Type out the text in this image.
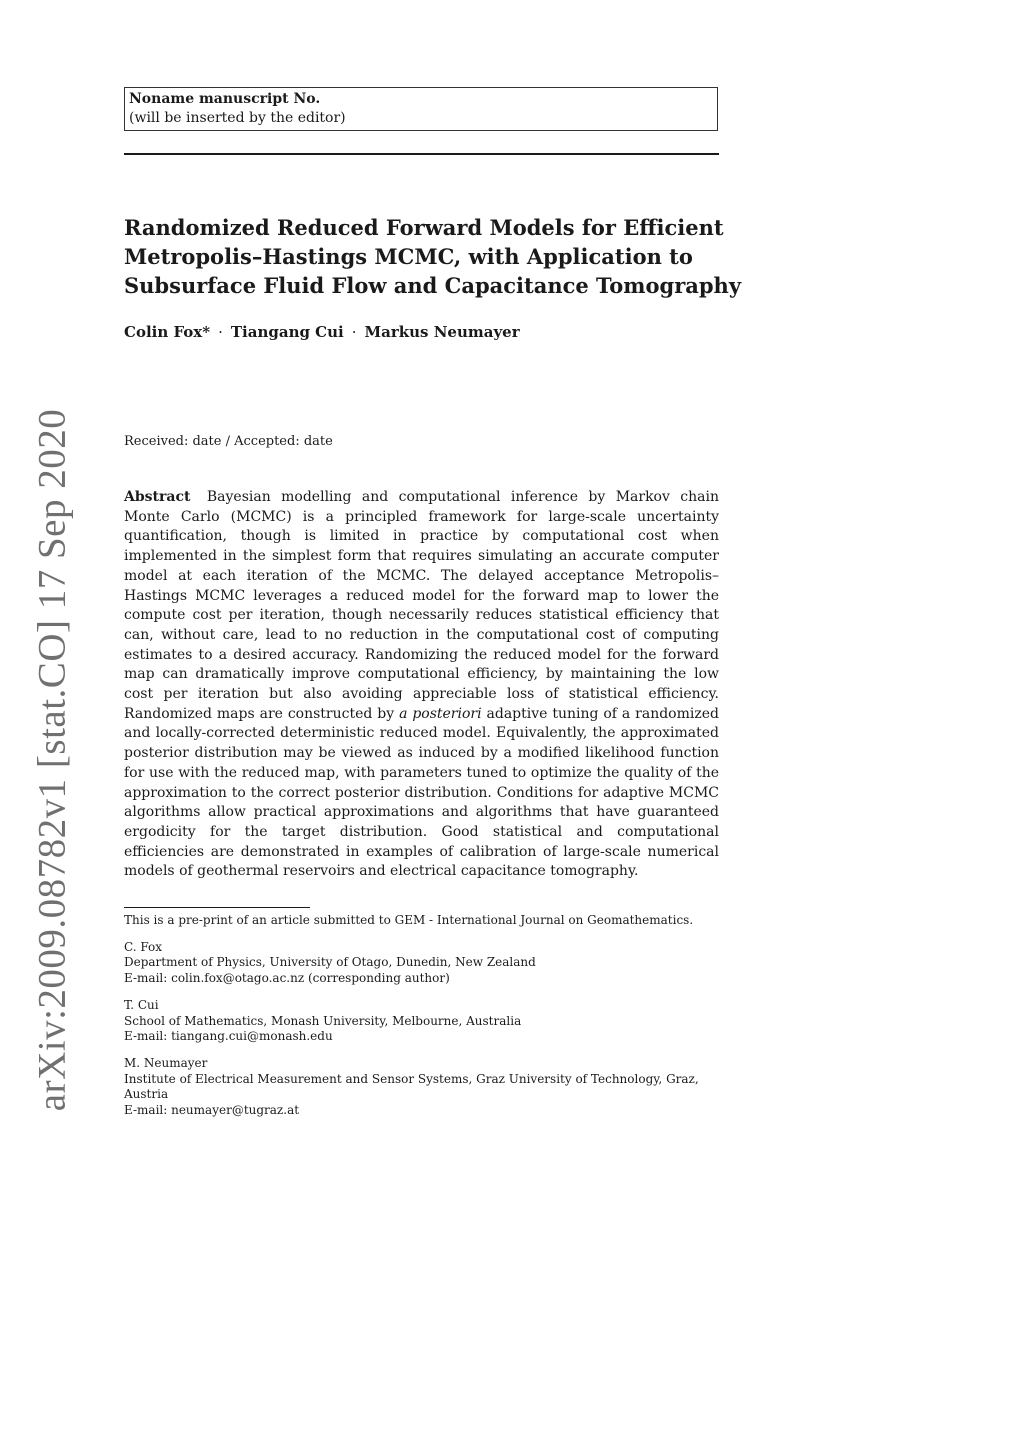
arXiv:2009.08782v1 [stat.CO] 17 Sep 2020
Noname manuscript No.
(will be inserted by the editor)
Randomized Reduced Forward Models for Efficient Metropolis–Hastings MCMC, with Application to Subsurface Fluid Flow and Capacitance Tomography
Colin Fox* · Tiangang Cui · Markus Neumayer
Received: date / Accepted: date

Abstract Bayesian modelling and computational inference by Markov chain Monte Carlo (MCMC) is a principled framework for large-scale uncertainty quantification, though is limited in practice by computational cost when implemented in the simplest form that requires simulating an accurate computer model at each iteration of the MCMC. The delayed acceptance Metropolis–Hastings MCMC leverages a reduced model for the forward map to lower the compute cost per iteration, though necessarily reduces statistical efficiency that can, without care, lead to no reduction in the computational cost of computing estimates to a desired accuracy. Randomizing the reduced model for the forward map can dramatically improve computational efficiency, by maintaining the low cost per iteration but also avoiding appreciable loss of statistical efficiency. Randomized maps are constructed by a posteriori adaptive tuning of a randomized and locally-corrected deterministic reduced model. Equivalently, the approximated posterior distribution may be viewed as induced by a modified likelihood function for use with the reduced map, with parameters tuned to optimize the quality of the approximation to the correct posterior distribution. Conditions for adaptive MCMC algorithms allow practical approximations and algorithms that have guaranteed ergodicity for the target distribution. Good statistical and computational efficiencies are demonstrated in examples of calibration of large-scale numerical models of geothermal reservoirs and electrical capacitance tomography.

This is a pre-print of an article submitted to GEM - International Journal on Geomathematics.
C. Fox
Department of Physics, University of Otago, Dunedin, New Zealand
E-mail: colin.fox@otago.ac.nz (corresponding author)
T. Cui
School of Mathematics, Monash University, Melbourne, Australia
E-mail: tiangang.cui@monash.edu
M. Neumayer
Institute of Electrical Measurement and Sensor Systems, Graz University of Technology, Graz, Austria
E-mail: neumayer@tugraz.at
